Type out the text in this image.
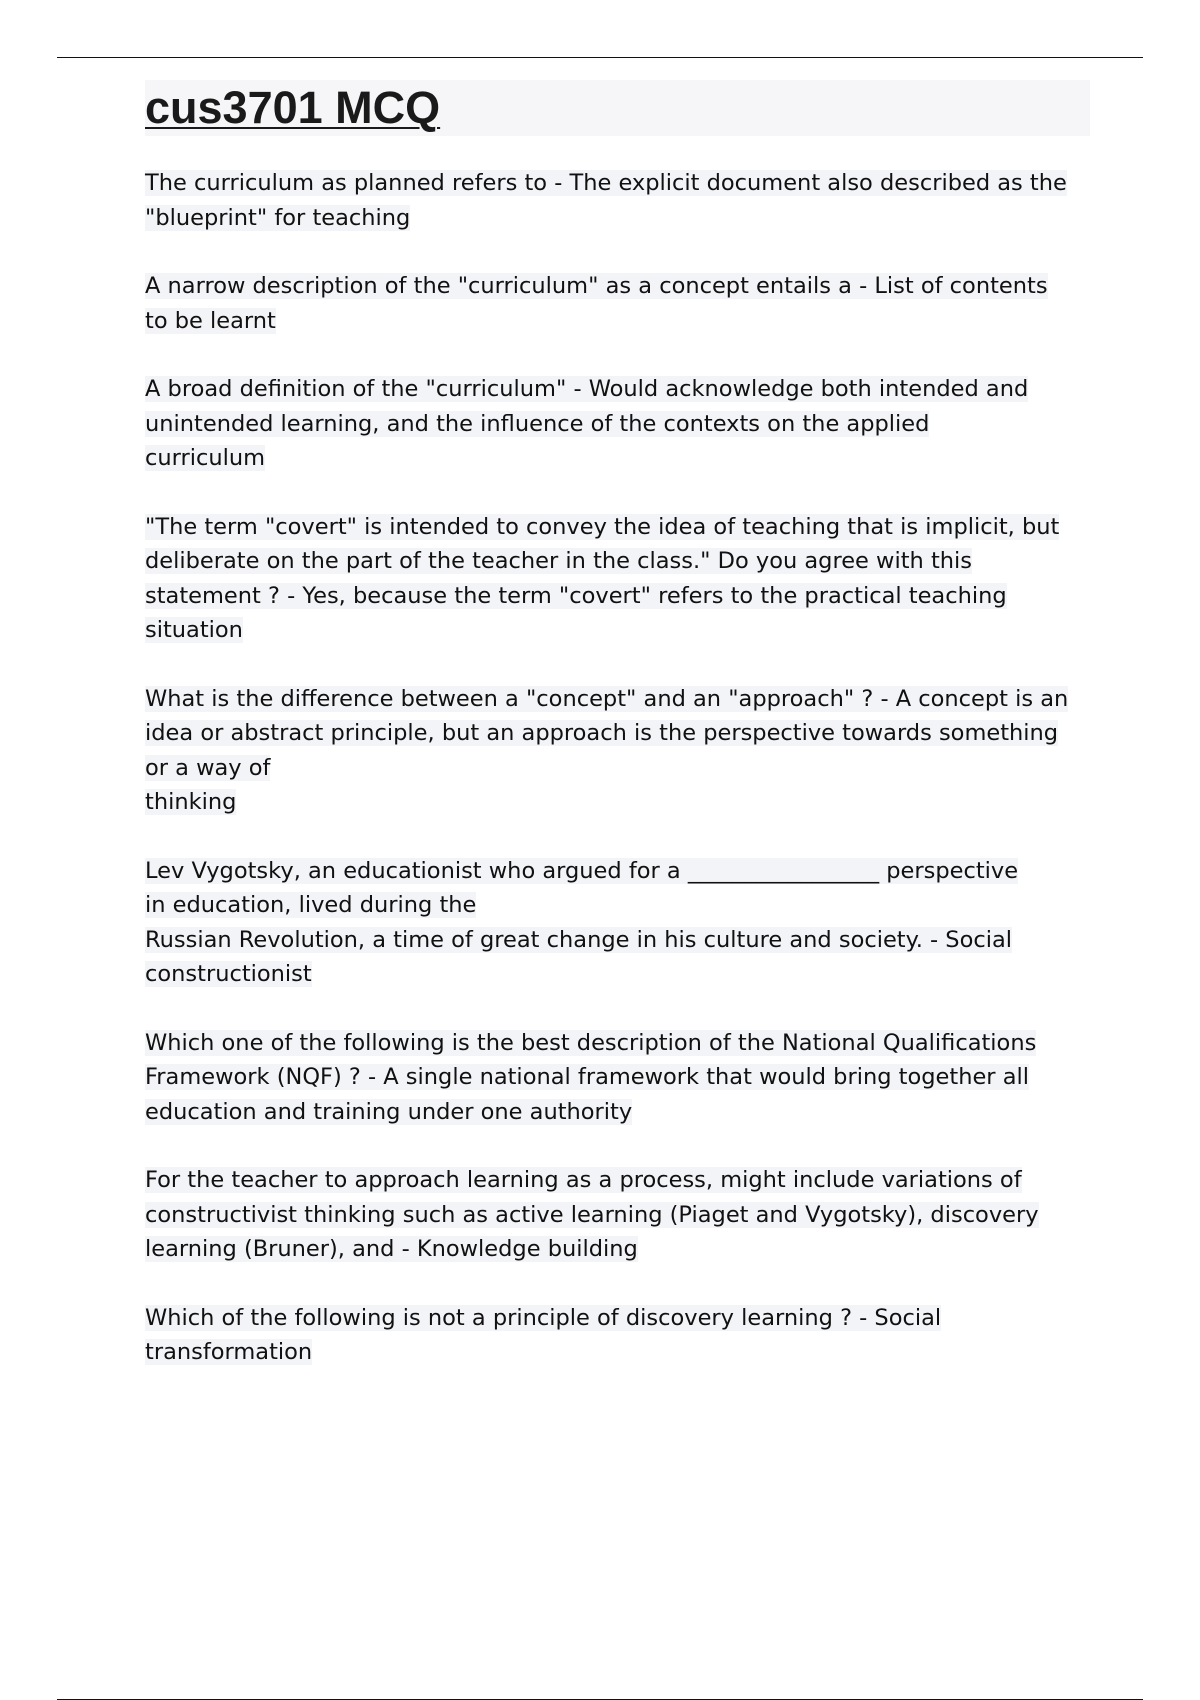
cus3701 MCQ

The curriculum as planned refers to - The explicit document also described as the
"blueprint" for teaching

A narrow description of the "curriculum" as a concept entails a - List of contents
to be learnt

A broad definition of the "curriculum" - Would acknowledge both intended and
unintended learning, and the influence of the contexts on the applied
curriculum

"The term "covert" is intended to convey the idea of teaching that is implicit, but
deliberate on the part of the teacher in the class." Do you agree with this
statement ? - Yes, because the term "covert" refers to the practical teaching
situation

What is the difference between a "concept" and an "approach" ? - A concept is an
idea or abstract principle, but an approach is the perspective towards something
or a way of
thinking

Lev Vygotsky, an educationist who argued for a _________________ perspective
in education, lived during the
Russian Revolution, a time of great change in his culture and society. - Social
constructionist

Which one of the following is the best description of the National Qualifications
Framework (NQF) ? - A single national framework that would bring together all
education and training under one authority

For the teacher to approach learning as a process, might include variations of
constructivist thinking such as active learning (Piaget and Vygotsky), discovery
learning (Bruner), and - Knowledge building

Which of the following is not a principle of discovery learning ? - Social
transformation
